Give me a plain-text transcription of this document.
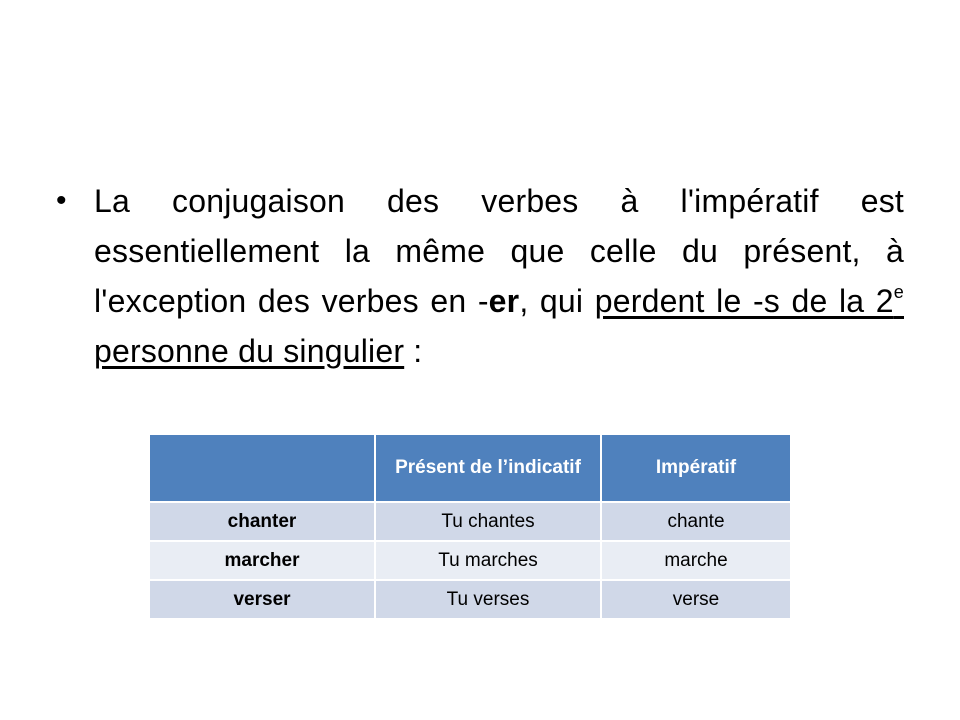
• La conjugaison des verbes à l'impératif est essentiellement la même que celle du présent, à l'exception des verbes en -er, qui perdent le -s de la 2e personne du singulier :
	Présent de l’indicatif	Impératif
chanter	Tu chantes	chante
marcher	Tu marches	marche
verser	Tu verses	verse
